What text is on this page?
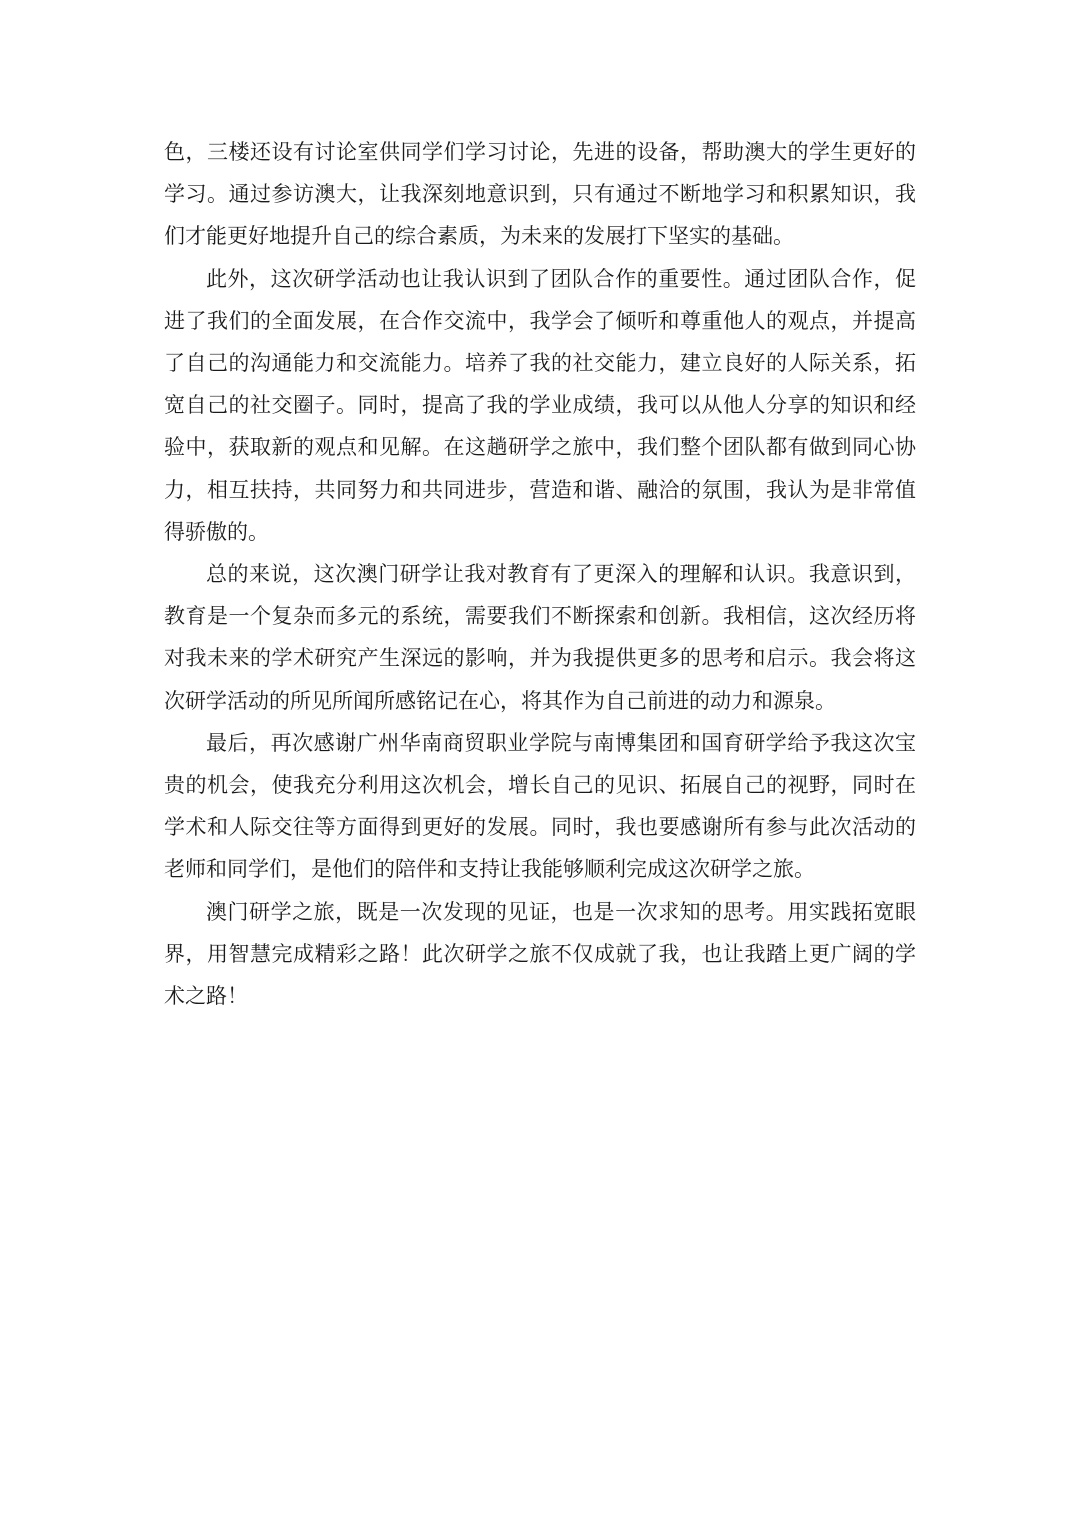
色，三楼还设有讨论室供同学们学习讨论，先进的设备，帮助澳大的学生更好的学习。通过参访澳大，让我深刻地意识到，只有通过不断地学习和积累知识，我们才能更好地提升自己的综合素质，为未来的发展打下坚实的基础。

此外，这次研学活动也让我认识到了团队合作的重要性。通过团队合作，促进了我们的全面发展，在合作交流中，我学会了倾听和尊重他人的观点，并提高了自己的沟通能力和交流能力。培养了我的社交能力，建立良好的人际关系，拓宽自己的社交圈子。同时，提高了我的学业成绩，我可以从他人分享的知识和经验中，获取新的观点和见解。在这趟研学之旅中，我们整个团队都有做到同心协力，相互扶持，共同努力和共同进步，营造和谐、融洽的氛围，我认为是非常值得骄傲的。

总的来说，这次澳门研学让我对教育有了更深入的理解和认识。我意识到，教育是一个复杂而多元的系统，需要我们不断探索和创新。我相信，这次经历将对我未来的学术研究产生深远的影响，并为我提供更多的思考和启示。我会将这次研学活动的所见所闻所感铭记在心，将其作为自己前进的动力和源泉。

最后，再次感谢广州华南商贸职业学院与南博集团和国育研学给予我这次宝贵的机会，使我充分利用这次机会，增长自己的见识、拓展自己的视野，同时在学术和人际交往等方面得到更好的发展。同时，我也要感谢所有参与此次活动的老师和同学们，是他们的陪伴和支持让我能够顺利完成这次研学之旅。

澳门研学之旅，既是一次发现的见证，也是一次求知的思考。用实践拓宽眼界，用智慧完成精彩之路！此次研学之旅不仅成就了我，也让我踏上更广阔的学术之路！
